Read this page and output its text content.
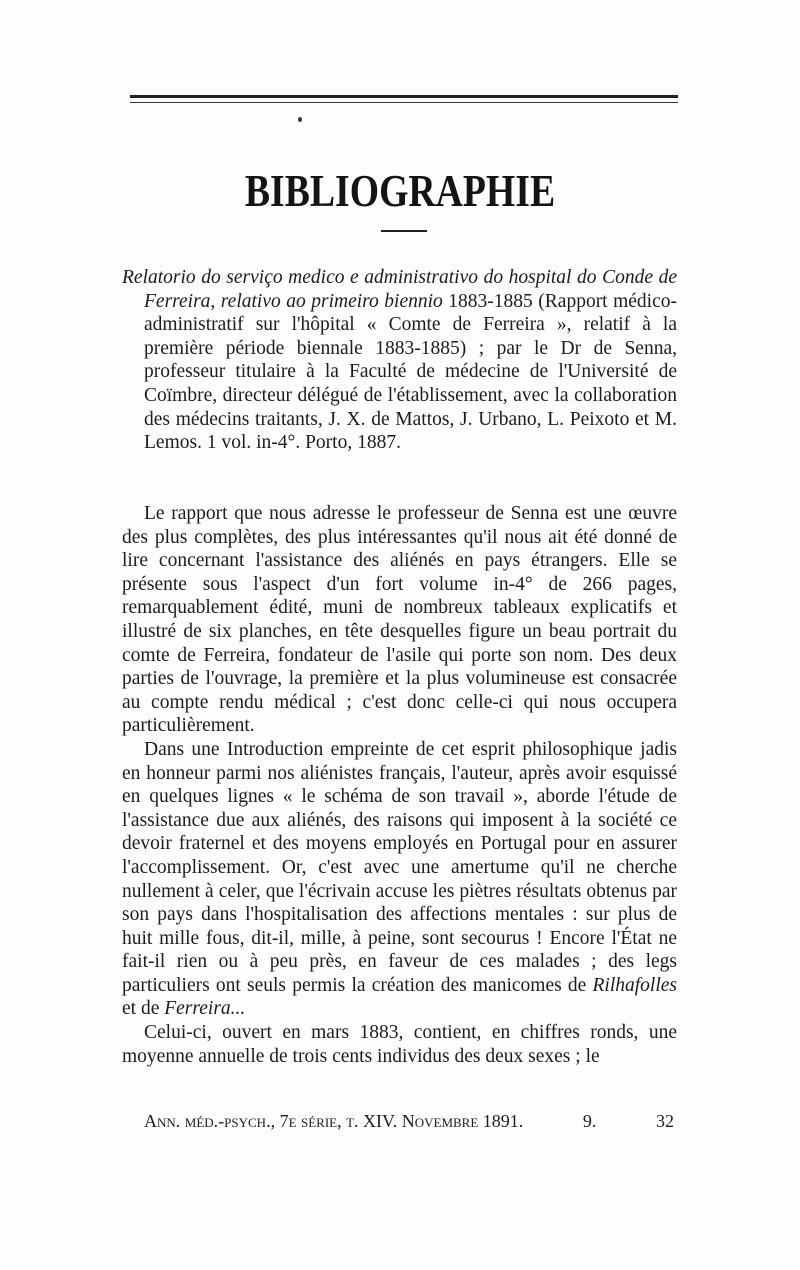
BIBLIOGRAPHIE

Relatorio do serviço medico e administrativo do hospital do Conde de Ferreira, relativo ao primeiro biennio 1883-1885 (Rapport médico-administratif sur l'hôpital « Comte de Ferreira », relatif à la première période biennale 1883-1885) ; par le Dr de Senna, professeur titulaire à la Faculté de médecine de l'Université de Coïmbre, directeur délégué de l'établissement, avec la collaboration des médecins traitants, J. X. de Mattos, J. Urbano, L. Peixoto et M. Lemos. 1 vol. in-4°. Porto, 1887.

Le rapport que nous adresse le professeur de Senna est une œuvre des plus complètes, des plus intéressantes qu'il nous ait été donné de lire concernant l'assistance des aliénés en pays étrangers. Elle se présente sous l'aspect d'un fort volume in-4° de 266 pages, remarquablement édité, muni de nombreux tableaux explicatifs et illustré de six planches, en tête desquelles figure un beau portrait du comte de Ferreira, fondateur de l'asile qui porte son nom. Des deux parties de l'ouvrage, la première et la plus volumineuse est consacrée au compte rendu médical ; c'est donc celle-ci qui nous occupera particulièrement.

Dans une Introduction empreinte de cet esprit philosophique jadis en honneur parmi nos aliénistes français, l'auteur, après avoir esquissé en quelques lignes « le schéma de son travail », aborde l'étude de l'assistance due aux aliénés, des raisons qui imposent à la société ce devoir fraternel et des moyens employés en Portugal pour en assurer l'accomplissement. Or, c'est avec une amertume qu'il ne cherche nullement à celer, que l'écrivain accuse les piètres résultats obtenus par son pays dans l'hospitalisation des affections mentales : sur plus de huit mille fous, dit-il, mille, à peine, sont secourus ! Encore l'État ne fait-il rien ou à peu près, en faveur de ces malades ; des legs particuliers ont seuls permis la création des manicomes de Rilhafolles et de Ferreira...

Celui-ci, ouvert en mars 1883, contient, en chiffres ronds, une moyenne annuelle de trois cents individus des deux sexes ; le

Ann. méd.-psych., 7e série, t. XIV. Novembre 1891.	9.	32
